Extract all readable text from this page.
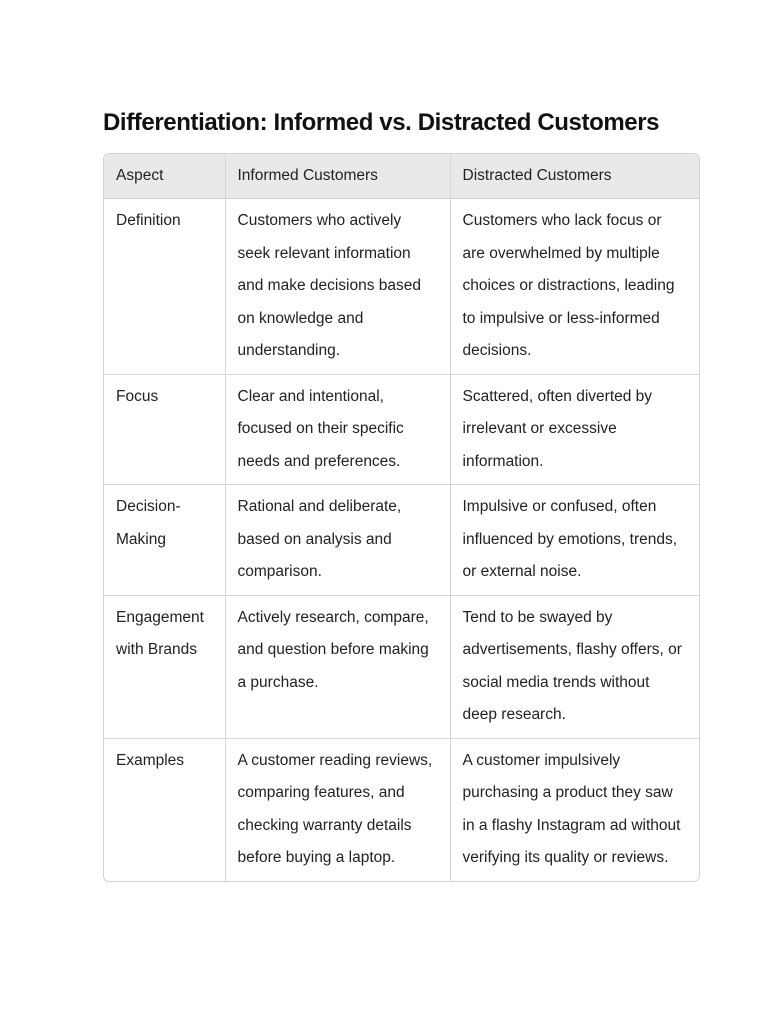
Differentiation: Informed vs. Distracted Customers
Aspect	Informed Customers	Distracted Customers
Definition	Customers who actively seek relevant information and make decisions based on knowledge and understanding.	Customers who lack focus or are overwhelmed by multiple choices or distractions, leading to impulsive or less-informed decisions.
Focus	Clear and intentional, focused on their specific needs and preferences.	Scattered, often diverted by irrelevant or excessive information.
Decision-Making	Rational and deliberate, based on analysis and comparison.	Impulsive or confused, often influenced by emotions, trends, or external noise.
Engagement with Brands	Actively research, compare, and question before making a purchase.	Tend to be swayed by advertisements, flashy offers, or social media trends without deep research.
Examples	A customer reading reviews, comparing features, and checking warranty details before buying a laptop.	A customer impulsively purchasing a product they saw in a flashy Instagram ad without verifying its quality or reviews.
